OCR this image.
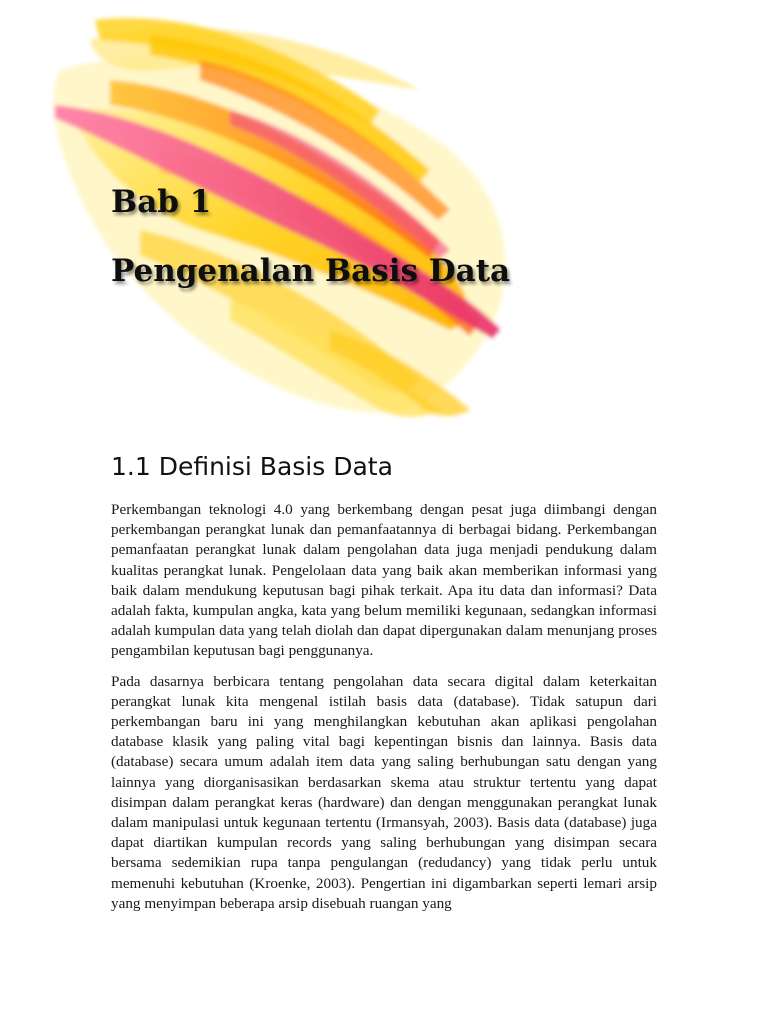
Bab 1
Pengenalan Basis Data
1.1 Definisi Basis Data

Perkembangan teknologi 4.0 yang berkembang dengan pesat juga diimbangi dengan perkembangan perangkat lunak dan pemanfaatannya di berbagai bidang. Perkembangan pemanfaatan perangkat lunak dalam pengolahan data juga menjadi pendukung dalam kualitas perangkat lunak. Pengelolaan data yang baik akan memberikan informasi yang baik dalam mendukung keputusan bagi pihak terkait. Apa itu data dan informasi? Data adalah fakta, kumpulan angka, kata yang belum memiliki kegunaan, sedangkan informasi adalah kumpulan data yang telah diolah dan dapat dipergunakan dalam menunjang proses pengambilan keputusan bagi penggunanya.

Pada dasarnya berbicara tentang pengolahan data secara digital dalam keterkaitan perangkat lunak kita mengenal istilah basis data (database). Tidak satupun dari perkembangan baru ini yang menghilangkan kebutuhan akan aplikasi pengolahan database klasik yang paling vital bagi kepentingan bisnis dan lainnya. Basis data (database) secara umum adalah item data yang saling berhubungan satu dengan yang lainnya yang diorganisasikan berdasarkan skema atau struktur tertentu yang dapat disimpan dalam perangkat keras (hardware) dan dengan menggunakan perangkat lunak dalam manipulasi untuk kegunaan tertentu (Irmansyah, 2003). Basis data (database) juga dapat diartikan kumpulan records yang saling berhubungan yang disimpan secara bersama sedemikian rupa tanpa pengulangan (redudancy) yang tidak perlu untuk memenuhi kebutuhan (Kroenke, 2003). Pengertian ini digambarkan seperti lemari arsip yang menyimpan beberapa arsip disebuah ruangan yang
